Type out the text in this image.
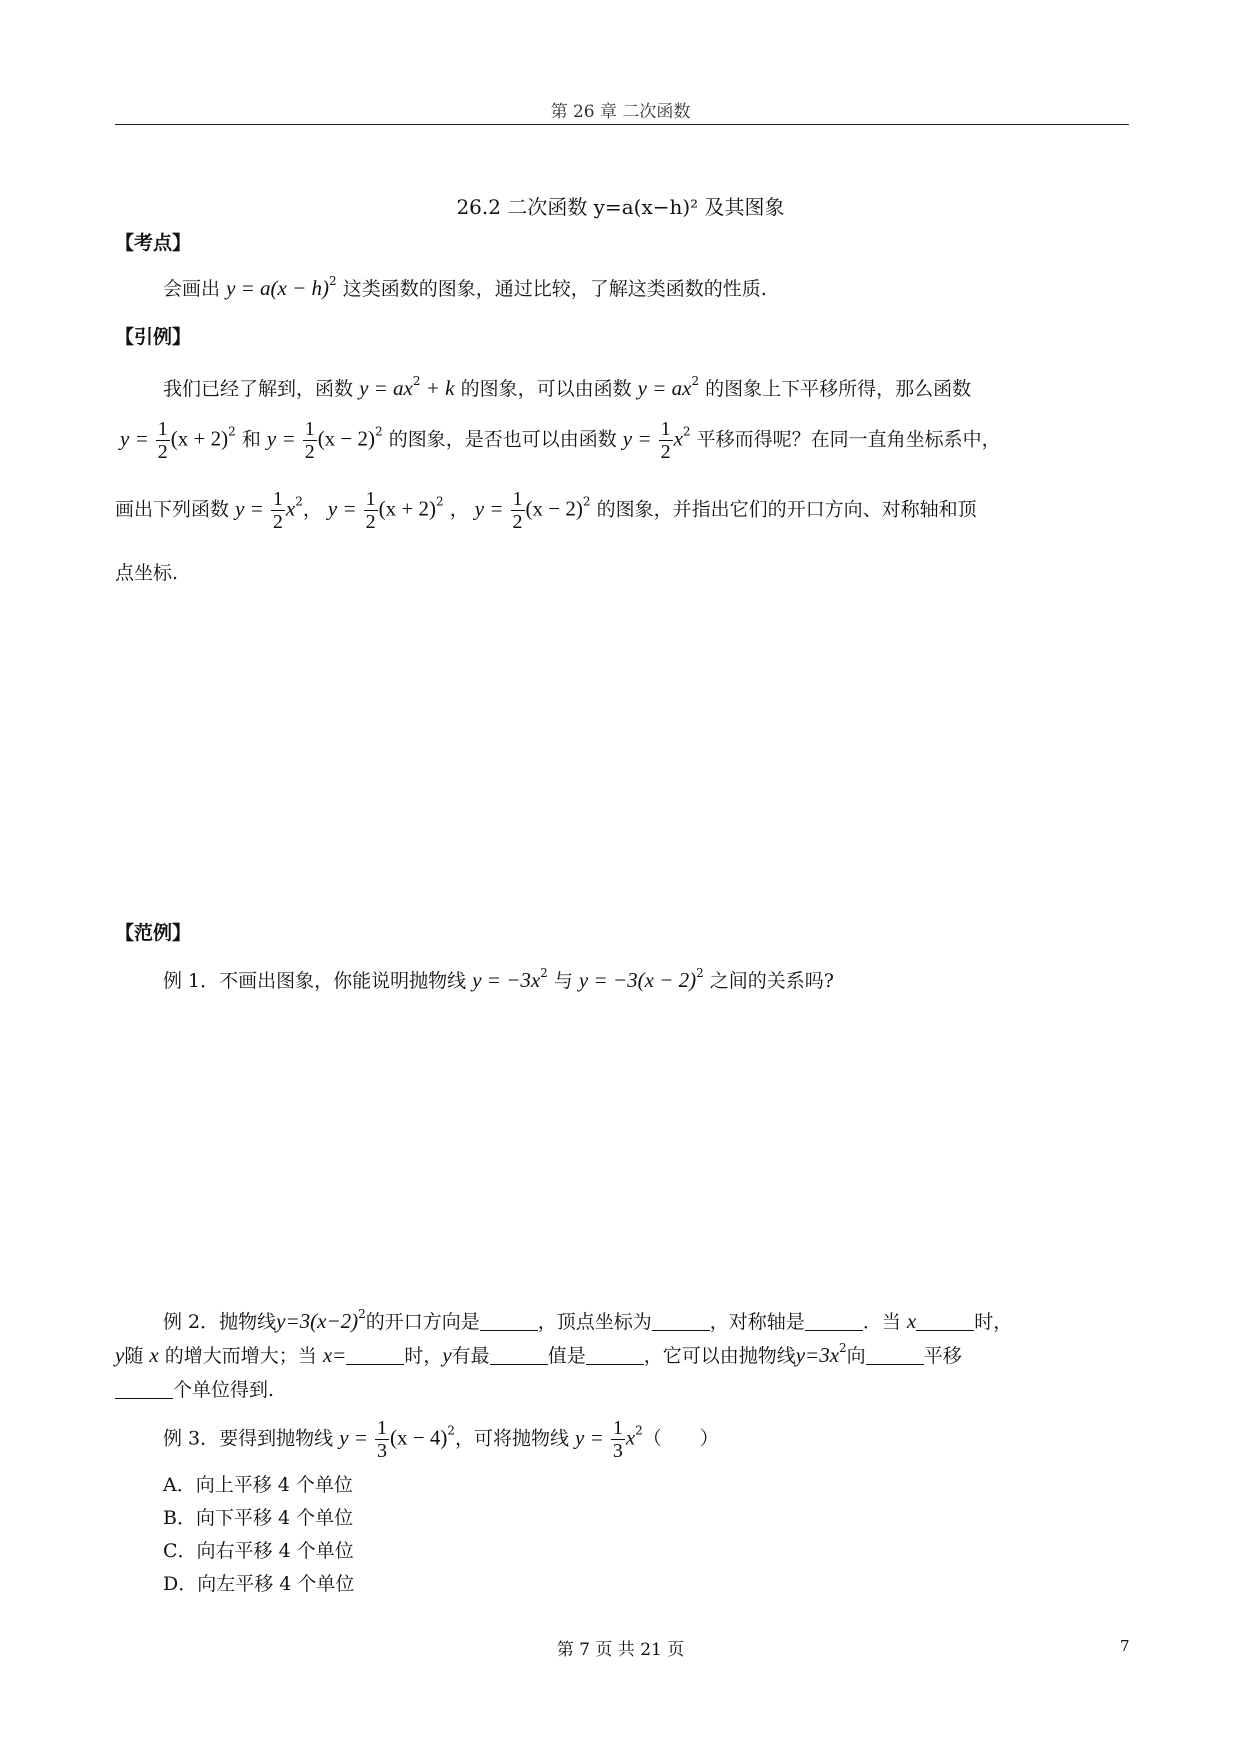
第 26 章 二次函数
26.2 二次函数 y=a(x−h)² 及其图象
【考点】
会画出 $y = a(x - h)^2$ 这类函数的图象，通过比较，了解这类函数的性质.
【引例】
我们已经了解到，函数 $y = ax^2 + k$ 的图象，可以由函数 $y = ax^2$ 的图象上下平移所得，那么函数
$y = \frac{1}{2} (x + 2)^2$ 和 $y = \frac{1}{2} (x - 2)^2$ 的图象，是否也可以由函数 $y = \frac{1}{2} x^2$ 平移而得呢？在同一直角坐标系中，
画出下列函数 $y = \frac{1}{2} x^2$， $y = \frac{1}{2} (x + 2)^2$ ， $y = \frac{1}{2} (x - 2)^2$ 的图象，并指出它们的开口方向、对称轴和顶
点坐标.
【范例】
例 1．不画出图象，你能说明抛物线 $y = -3x^2$ 与 $y = -3(x - 2)^2$ 之间的关系吗?
例 2．抛物线$y=3(x-2)^2$的开口方向是	，顶点坐标为	，对称轴是	．当 x	时，
y随 x 的增大而增大；当 x=	时，y有最	值是	，它可以由抛物线$y=3x^2$向	平移
个单位得到.
例 3．要得到抛物线 $y = \frac{1}{3} (x - 4)^2$，可将抛物线 $y = \frac{1}{3} x^2$（　　）
A．向上平移 4 个单位
B．向下平移 4 个单位
C．向右平移 4 个单位
D．向左平移 4 个单位
第 7 页 共 21 页	7
